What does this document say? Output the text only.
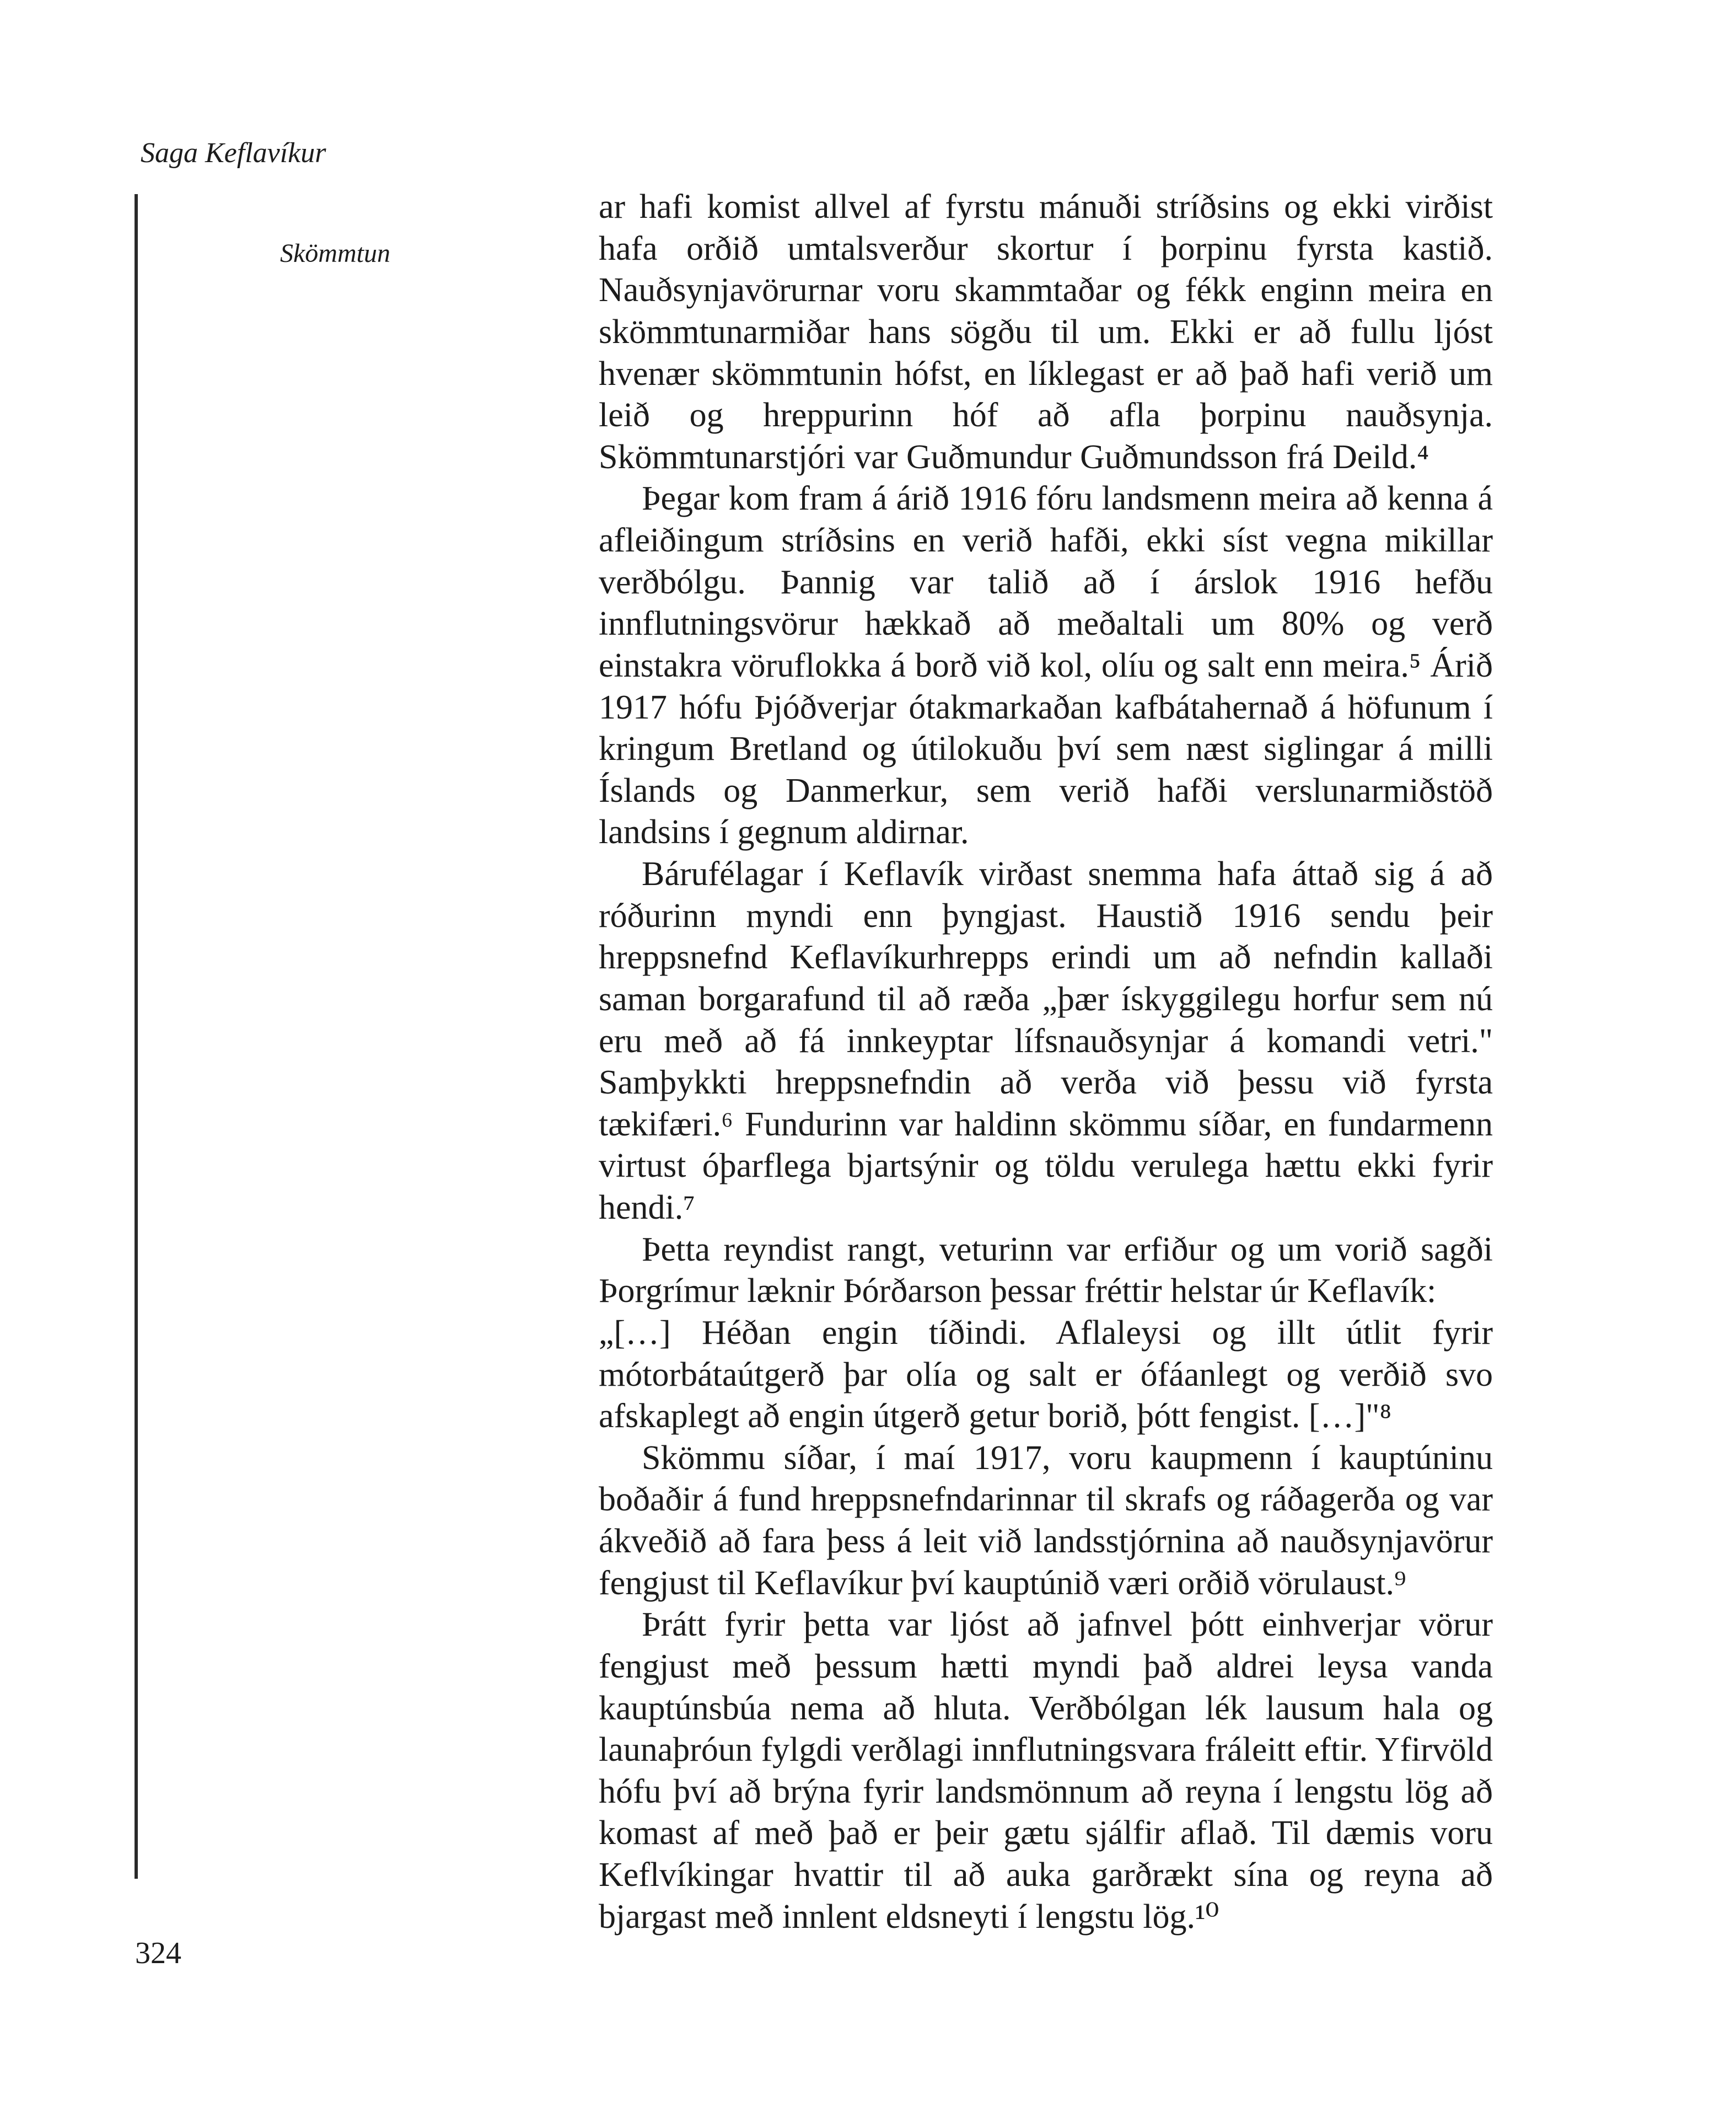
Saga Keflavíkur
Skömmtun

ar hafi komist allvel af fyrstu mánuði stríðsins og ekki virðist hafa orðið umtalsverður skortur í þorpinu fyrsta kastið. Nauðsynjavörurnar voru skammtaðar og fékk enginn meira en skömmtunarmiðar hans sögðu til um. Ekki er að fullu ljóst hvenær skömmtunin hófst, en líklegast er að það hafi verið um leið og hreppurinn hóf að afla þorpinu nauðsynja. Skömmtunarstjóri var Guðmundur Guðmundsson frá Deild.⁴

Þegar kom fram á árið 1916 fóru landsmenn meira að kenna á afleiðingum stríðsins en verið hafði, ekki síst vegna mikillar verðbólgu. Þannig var talið að í árslok 1916 hefðu innflutningsvörur hækkað að meðaltali um 80% og verð einstakra vöruflokka á borð við kol, olíu og salt enn meira.⁵ Árið 1917 hófu Þjóðverjar ótakmarkaðan kafbátahernað á höfunum í kringum Bretland og útilokuðu því sem næst siglingar á milli Íslands og Danmerkur, sem verið hafði verslunarmiðstöð landsins í gegnum aldirnar.

Bárufélagar í Keflavík virðast snemma hafa áttað sig á að róðurinn myndi enn þyngjast. Haustið 1916 sendu þeir hreppsnefnd Keflavíkurhrepps erindi um að nefndin kallaði saman borgarafund til að ræða „þær ískyggilegu horfur sem nú eru með að fá innkeyptar lífsnauðsynjar á komandi vetri." Samþykkti hreppsnefndin að verða við þessu við fyrsta tækifæri.⁶ Fundurinn var haldinn skömmu síðar, en fundarmenn virtust óþarflega bjartsýnir og töldu verulega hættu ekki fyrir hendi.⁷

Þetta reyndist rangt, veturinn var erfiður og um vorið sagði Þorgrímur læknir Þórðarson þessar fréttir helstar úr Keflavík:

„[…] Héðan engin tíðindi. Aflaleysi og illt útlit fyrir mótorbátaútgerð þar olía og salt er ófáanlegt og verðið svo afskaplegt að engin útgerð getur borið, þótt fengist. […]"⁸

Skömmu síðar, í maí 1917, voru kaupmenn í kauptúninu boðaðir á fund hreppsnefndarinnar til skrafs og ráðagerða og var ákveðið að fara þess á leit við landsstjórnina að nauðsynjavörur fengjust til Keflavíkur því kauptúnið væri orðið vörulaust.⁹

Þrátt fyrir þetta var ljóst að jafnvel þótt einhverjar vörur fengjust með þessum hætti myndi það aldrei leysa vanda kauptúnsbúa nema að hluta. Verðbólgan lék lausum hala og launaþróun fylgdi verðlagi innflutningsvara fráleitt eftir. Yfirvöld hófu því að brýna fyrir landsmönnum að reyna í lengstu lög að komast af með það er þeir gætu sjálfir aflað. Til dæmis voru Keflvíkingar hvattir til að auka garðrækt sína og reyna að bjargast með innlent eldsneyti í lengstu lög.¹⁰

324
